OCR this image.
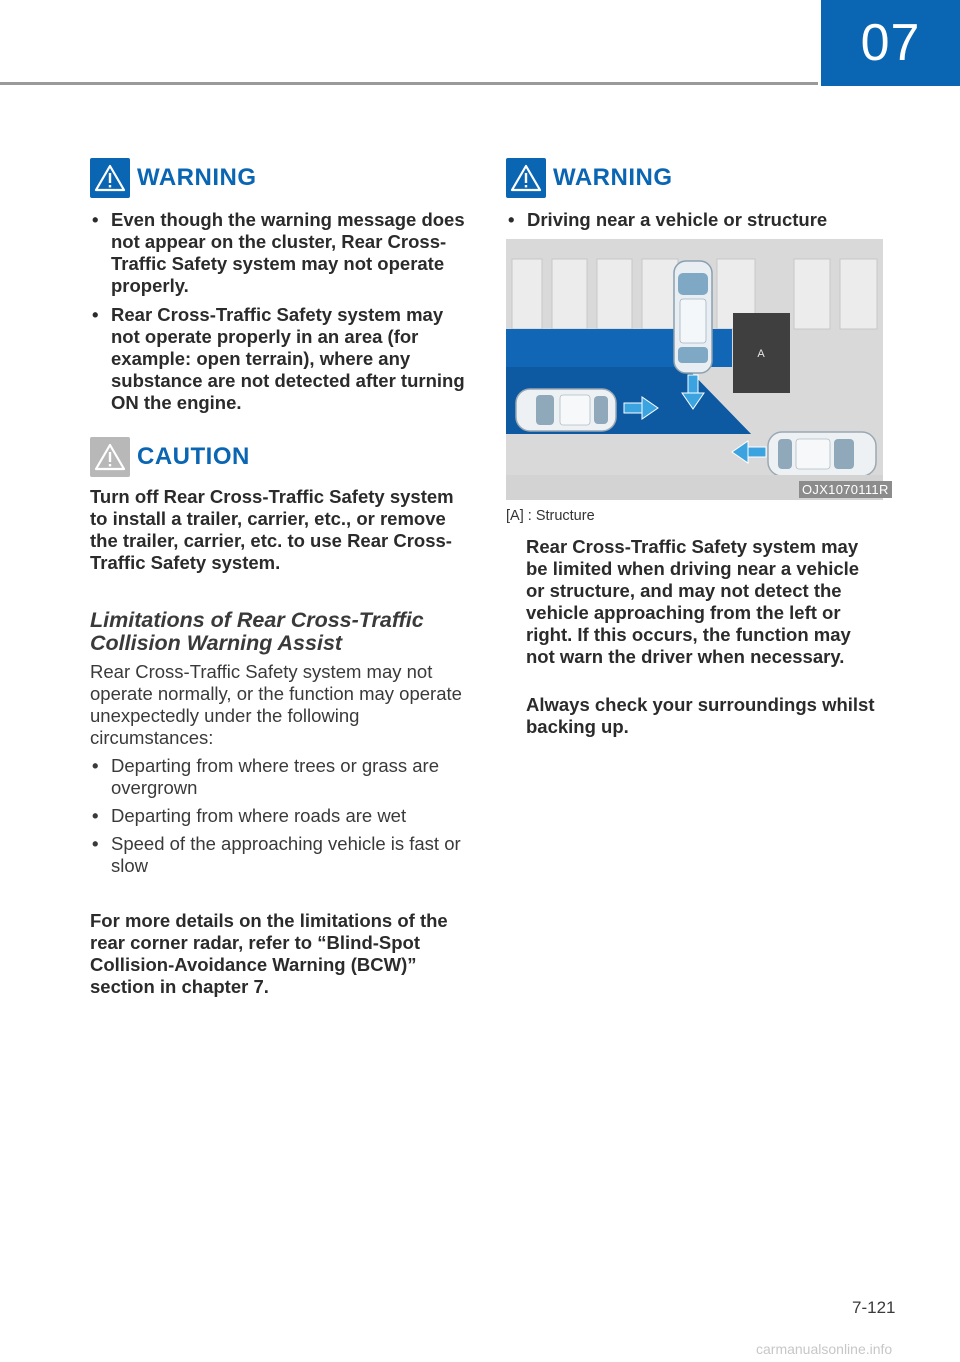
07
WARNING
• Even though the warning message does not appear on the cluster, Rear Cross-Traffic Safety system may not operate properly.
• Rear Cross-Traffic Safety system may not operate properly in an area (for example: open terrain), where any substance are not detected after turning ON the engine.
CAUTION

Turn off Rear Cross-Traffic Safety system to install a trailer, carrier, etc., or remove the trailer, carrier, etc. to use Rear Cross-Traffic Safety system.

Limitations of Rear Cross-Traffic Collision Warning Assist

Rear Cross-Traffic Safety system may not operate normally, or the function may operate unexpectedly under the following circumstances:

• Departing from where trees or grass are overgrown
• Departing from where roads are wet
• Speed of the approaching vehicle is fast or slow

For more details on the limitations of the rear corner radar, refer to “Blind-Spot Collision-Avoidance Warning (BCW)” section in chapter 7.

WARNING
• Driving near a vehicle or structure
A
OJX1070111R
[A] : Structure

Rear Cross-Traffic Safety system may be limited when driving near a vehicle or structure, and may not detect the vehicle approaching from the left or right. If this occurs, the function may not warn the driver when necessary.

Always check your surroundings whilst backing up.

7-121
carmanualsonline.info
